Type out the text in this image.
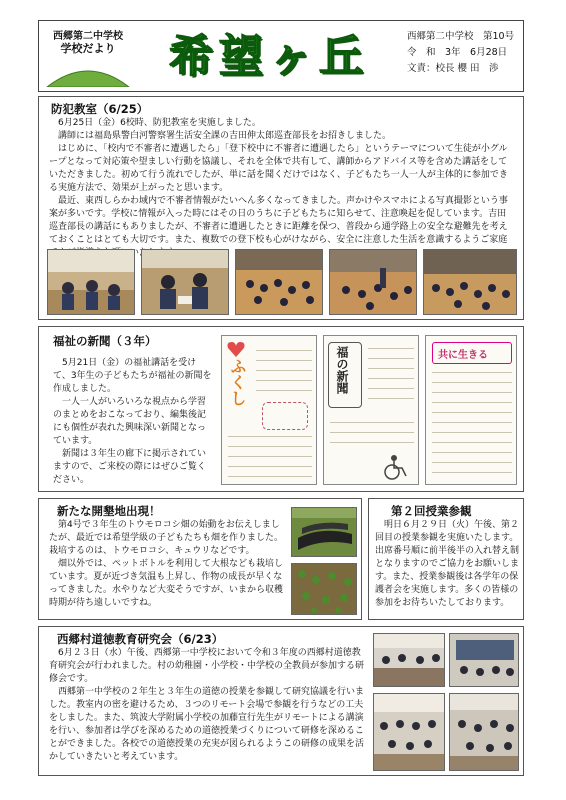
西郷第二中学校
学校だより	希望ヶ丘	西郷第二中学校　第10号
令　和　3年　6月28日
文責：校長 櫻 田　渉
防犯教室（6/25）

6月25日（金）6校時、防犯教室を実施しました。

講師には福島県警白河警察署生活安全課の吉田伸太郎巡査部長をお招きしました。

はじめに、「校内で不審者に遭遇したら」「登下校中に不審者に遭遇したら」というテーマについて生徒が小グループとなって対応策や望ましい行動を協議し、それを全体で共有して、講師からアドバイス等を含めた講話をしていただきました。初めて行う流れでしたが、単に話を聞くだけではなく、子どもたち一人一人が主体的に参加できる実施方法で、効果が上がったと思います。

最近、東西しらかわ域内で不審者情報がたいへん多くなってきました。声かけやスマホによる写真撮影という事案が多いです。学校に情報が入った時にはその日のうちに子どもたちに知らせて、注意喚起を促しています。吉田巡査部長の講話にもありましたが、不審者に遭遇したときに距離を保つ、普段から通学路上の安全な避難先を考えておくことはとても大切です。また、複数での登下校も心がけながら、安全に注意した生活を意識するようご家庭 いいた

福祉の新聞（３年）

5月21日（金）の福祉講話を受けて、3年生の子どもたちが福祉の新聞を作成しました。

一人一人がいろいろな視点から学習のまとめをおこなっており、編集後記にも個性が表れた興味深い新聞となっています。

新聞は３年生の廊下に掲示されていますので、ご来校の際にはぜひご覧ください。

ふくし	福の新聞	共に生きる
新たな開墾地出現！

第4号で３年生のトウモロコシ畑の始動をお伝えしましたが、最近では希望学級の子どもたちも畑を作りました。栽培するのは、トウモロコシ、キュウリなどです。

畑以外では、ペットボトルを利用して大根なども栽培しています。夏が近づき気温も上昇し、作物の成長が早くなってきました。水やりなど大変そうですが、いまから収穫時期が待ち遠しいですね。

第２回授業参観

明日６月２９日（火）午後、第２回目の授業参観を実施いたします。出席番号順に前半後半の入れ替え制となりますのでご協力をお願いします。また、授業参観後は各学年の保護者会を実施します。多くの皆様の参加をお待ちいたしております。

西郷村道徳教育研究会（6/23）

6月２３日（水）午後、西郷第一中学校において令和３年度の西郷村道徳教育研究会が行われました。村の幼稚園・小学校・中学校の全教員が参加する研修会です。

西郷第一中学校の２年生と３年生の道徳の授業を参観して研究協議を行いました。教室内の密を避けるため、３つのリモート会場で参観を行うなどの工夫をしました。また、筑波大学附属小学校の加藤宣行先生がリモートによる講演を行い、参加者は学びを深めるための道徳授業づくりについて研修を深めることができました。各校での道徳授業の充実が図られるようこの研修の成果を活かしていきたいと考えています。
